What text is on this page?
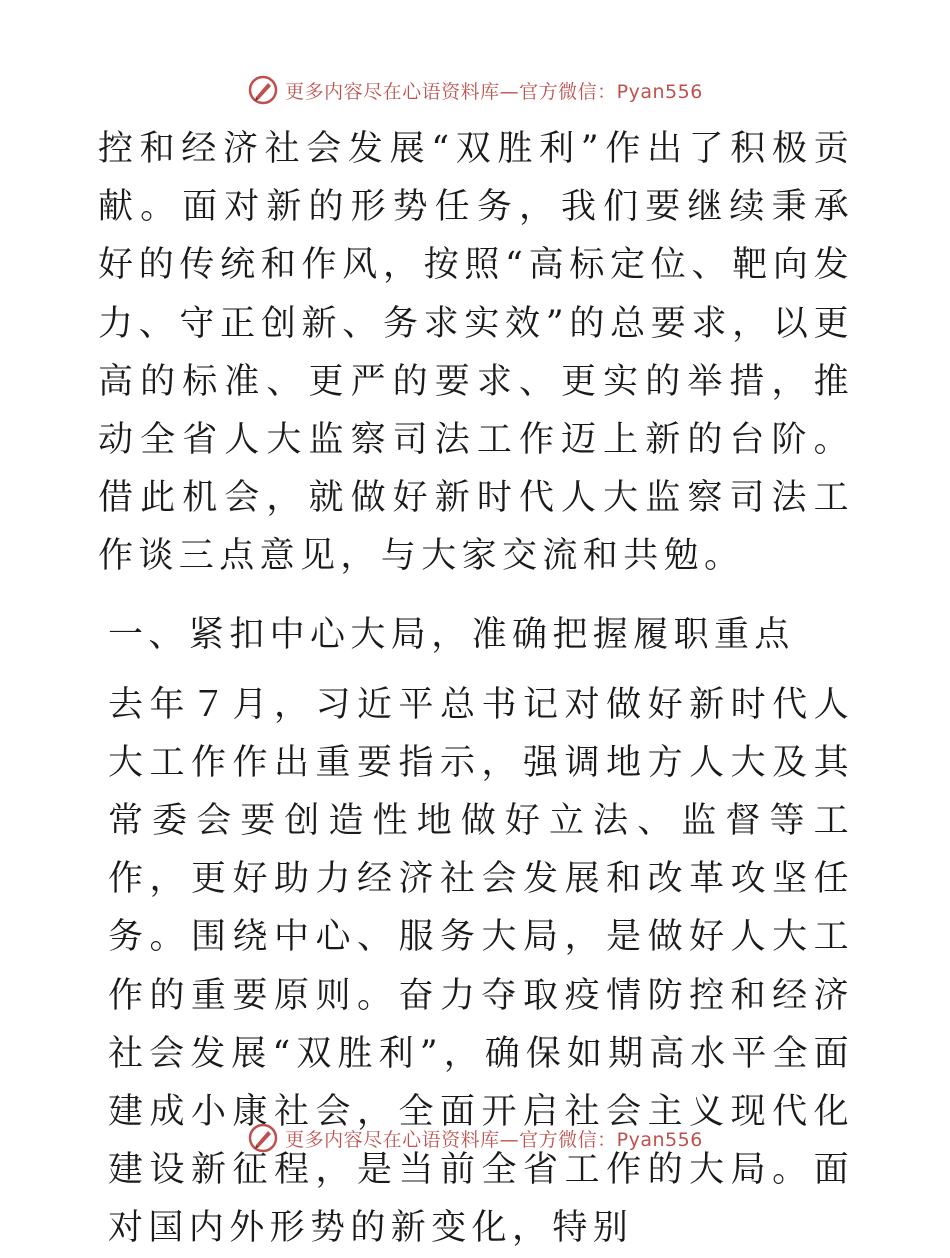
更多内容尽在心语资料库—官方微信：Pyan556

控和经济社会发展“双胜利”作出了积极贡献。面对新的形势任务，我们要继续秉承好的传统和作风，按照“高标定位、靶向发力、守正创新、务求实效”的总要求，以更高的标准、更严的要求、更实的举措，推动全省人大监察司法工作迈上新的台阶。借此机会，就做好新时代人大监察司法工作谈三点意见，与大家交流和共勉。

一、紧扣中心大局，准确把握履职重点

去年７月，习近平总书记对做好新时代人大工作作出重要指示，强调地方人大及其常委会要创造性地做好立法、监督等工作，更好助力经济社会发展和改革攻坚任务。围绕中心、服务大局，是做好人大工作的重要原则。奋力夺取疫情防控和经济社会发展“双胜利”，确保如期高水平全面建成小康社会，全面开启社会主义现代化建设新征程，是当前全省工作的大局。面对国内外形势的新变化，特别

更多内容尽在心语资料库—官方微信：Pyan556
